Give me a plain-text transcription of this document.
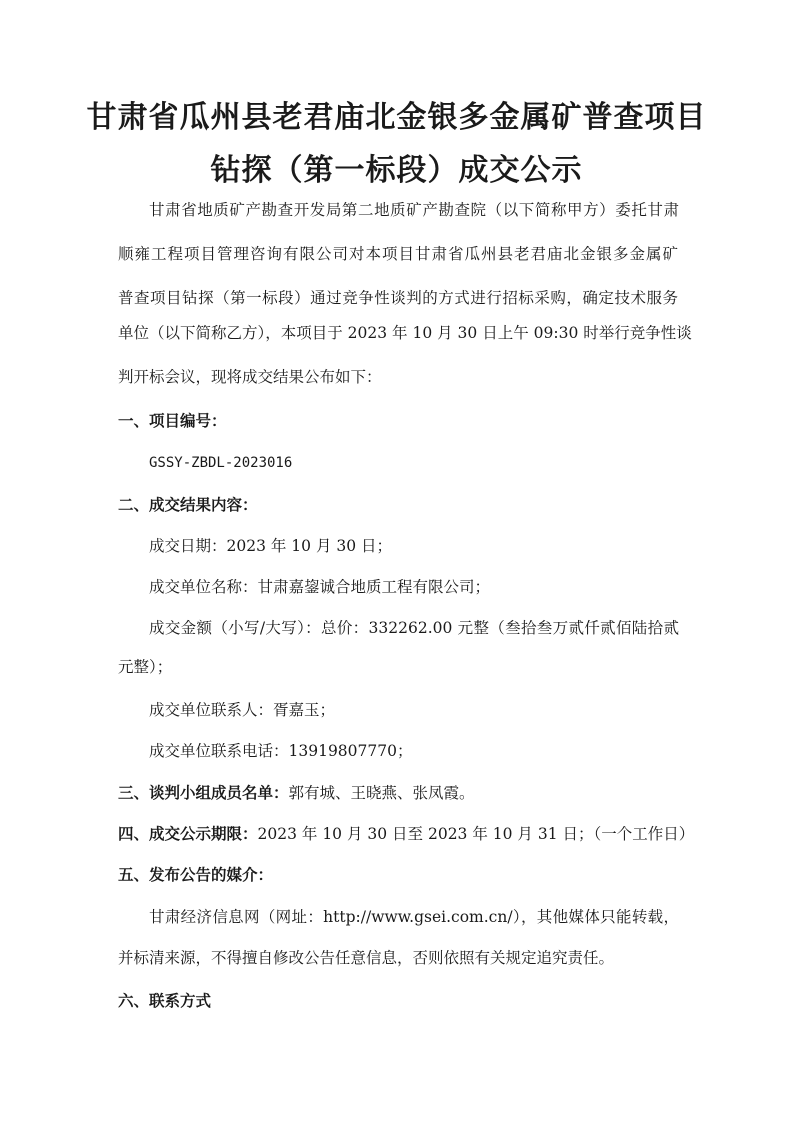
甘肃省瓜州县老君庙北金银多金属矿普查项目
钻探（第一标段）成交公示
甘肃省地质矿产勘查开发局第二地质矿产勘查院（以下简称甲方）委托甘肃
顺雍工程项目管理咨询有限公司对本项目甘肃省瓜州县老君庙北金银多金属矿
普查项目钻探（第一标段）通过竞争性谈判的方式进行招标采购，确定技术服务
单位（以下简称乙方），本项目于 2023 年 10 月 30 日上午 09:30 时举行竞争性谈
判开标会议，现将成交结果公布如下：
一、项目编号：
GSSY-ZBDL-2023016
二、成交结果内容：
成交日期：2023 年 10 月 30 日；
成交单位名称：甘肃嘉鋆诚合地质工程有限公司；
成交金额（小写/大写）：总价：332262.00 元整（叁拾叁万贰仟贰佰陆拾贰
元整）；
成交单位联系人：胥嘉玉；
成交单位联系电话：13919807770；
三、谈判小组成员名单：郭有城、王晓燕、张凤霞。
四、成交公示期限：2023 年 10 月 30 日至 2023 年 10 月 31 日；（一个工作日）
五、发布公告的媒介：
甘肃经济信息网（网址：http://www.gsei.com.cn/），其他媒体只能转载，
并标清来源，不得擅自修改公告任意信息，否则依照有关规定追究责任。
六、联系方式
